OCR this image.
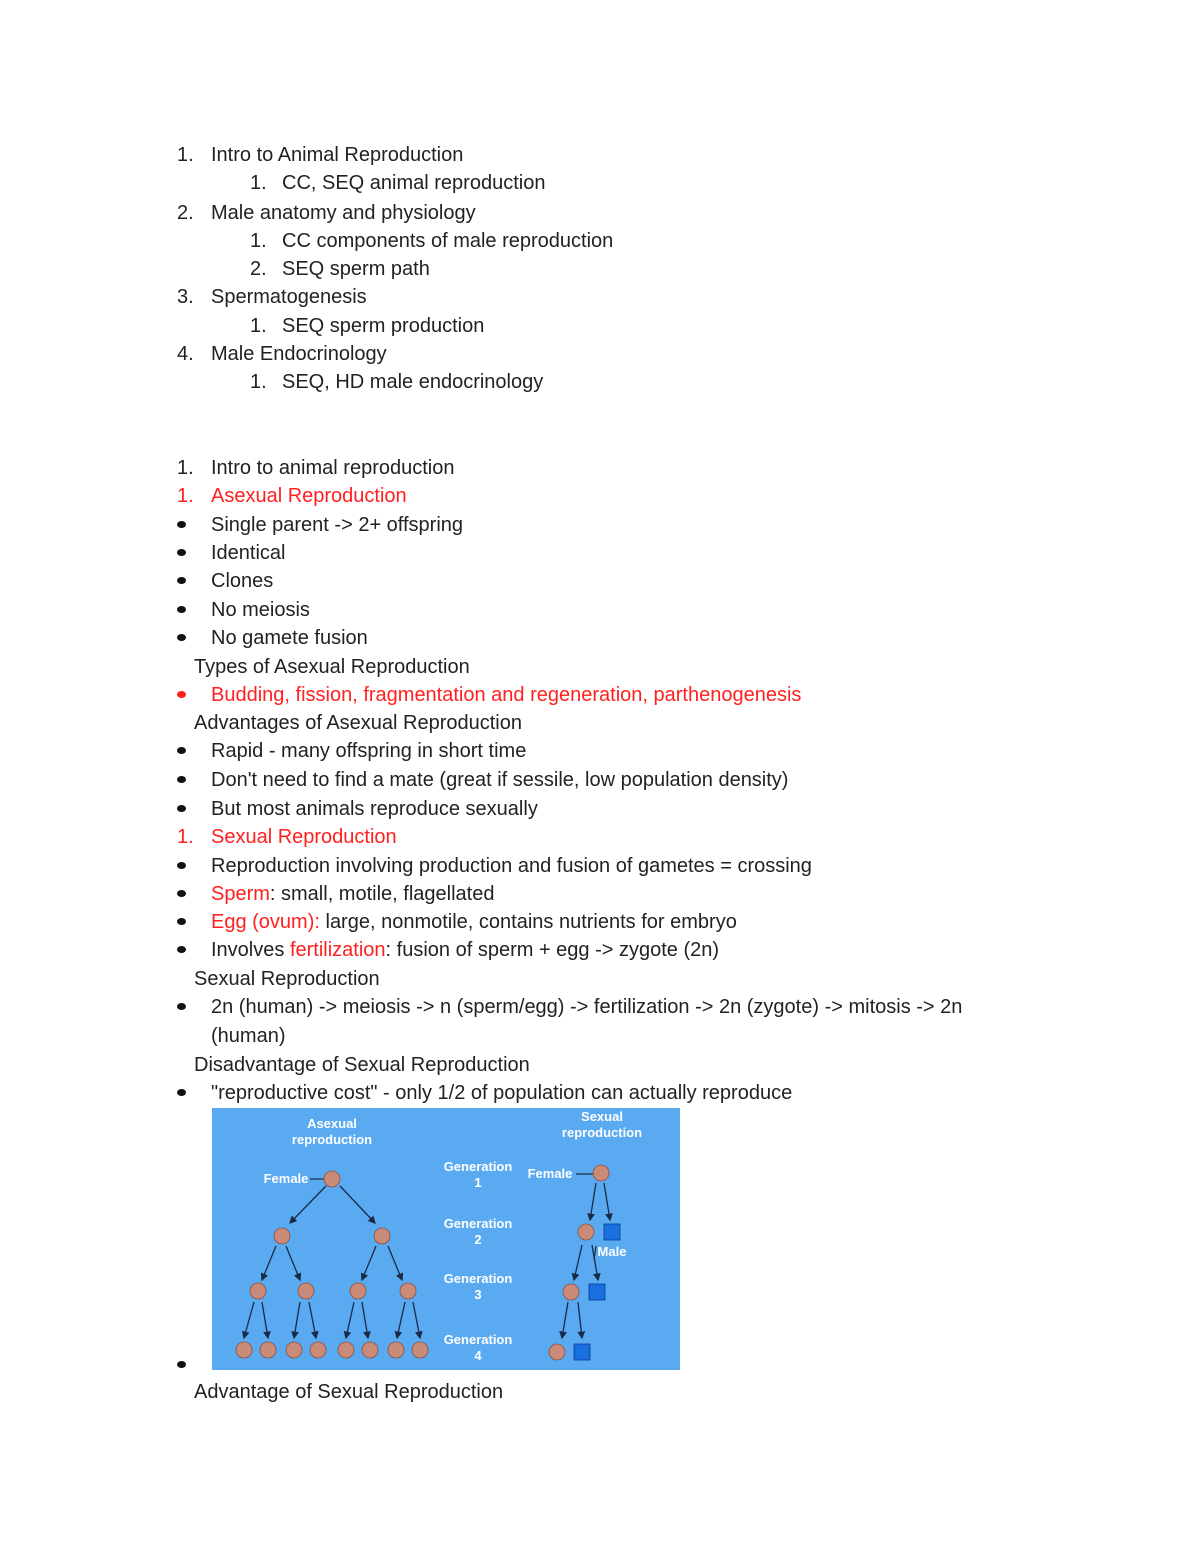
1. Intro to Animal Reproduction
1. CC, SEQ animal reproduction
2. Male anatomy and physiology
1. CC components of male reproduction
2. SEQ sperm path
3. Spermatogenesis
1. SEQ sperm production
4. Male Endocrinology
1. SEQ, HD male endocrinology
1. Intro to animal reproduction
1. Asexual Reproduction
Single parent -> 2+ offspring
Identical
Clones
No meiosis
No gamete fusion
Types of Asexual Reproduction
Budding, fission, fragmentation and regeneration, parthenogenesis
Advantages of Asexual Reproduction
Rapid - many offspring in short time
Don't need to find a mate (great if sessile, low population density)
But most animals reproduce sexually
1. Sexual Reproduction
Reproduction involving production and fusion of gametes = crossing
Sperm: small, motile, flagellated
Egg (ovum): large, nonmotile, contains nutrients for embryo
Involves fertilization: fusion of sperm + egg -> zygote (2n)
Sexual Reproduction
2n (human) -> meiosis -> n (sperm/egg) -> fertilization -> 2n (zygote) -> mitosis -> 2n
(human)
Disadvantage of Sexual Reproduction
"reproductive cost" - only 1/2 of population can actually reproduce
Advantage of Sexual Reproduction
Asexual
reproduction
Sexual
reproduction
Female	Female
Male
Generation
1
Generation
2
Generation
3
Generation
4
